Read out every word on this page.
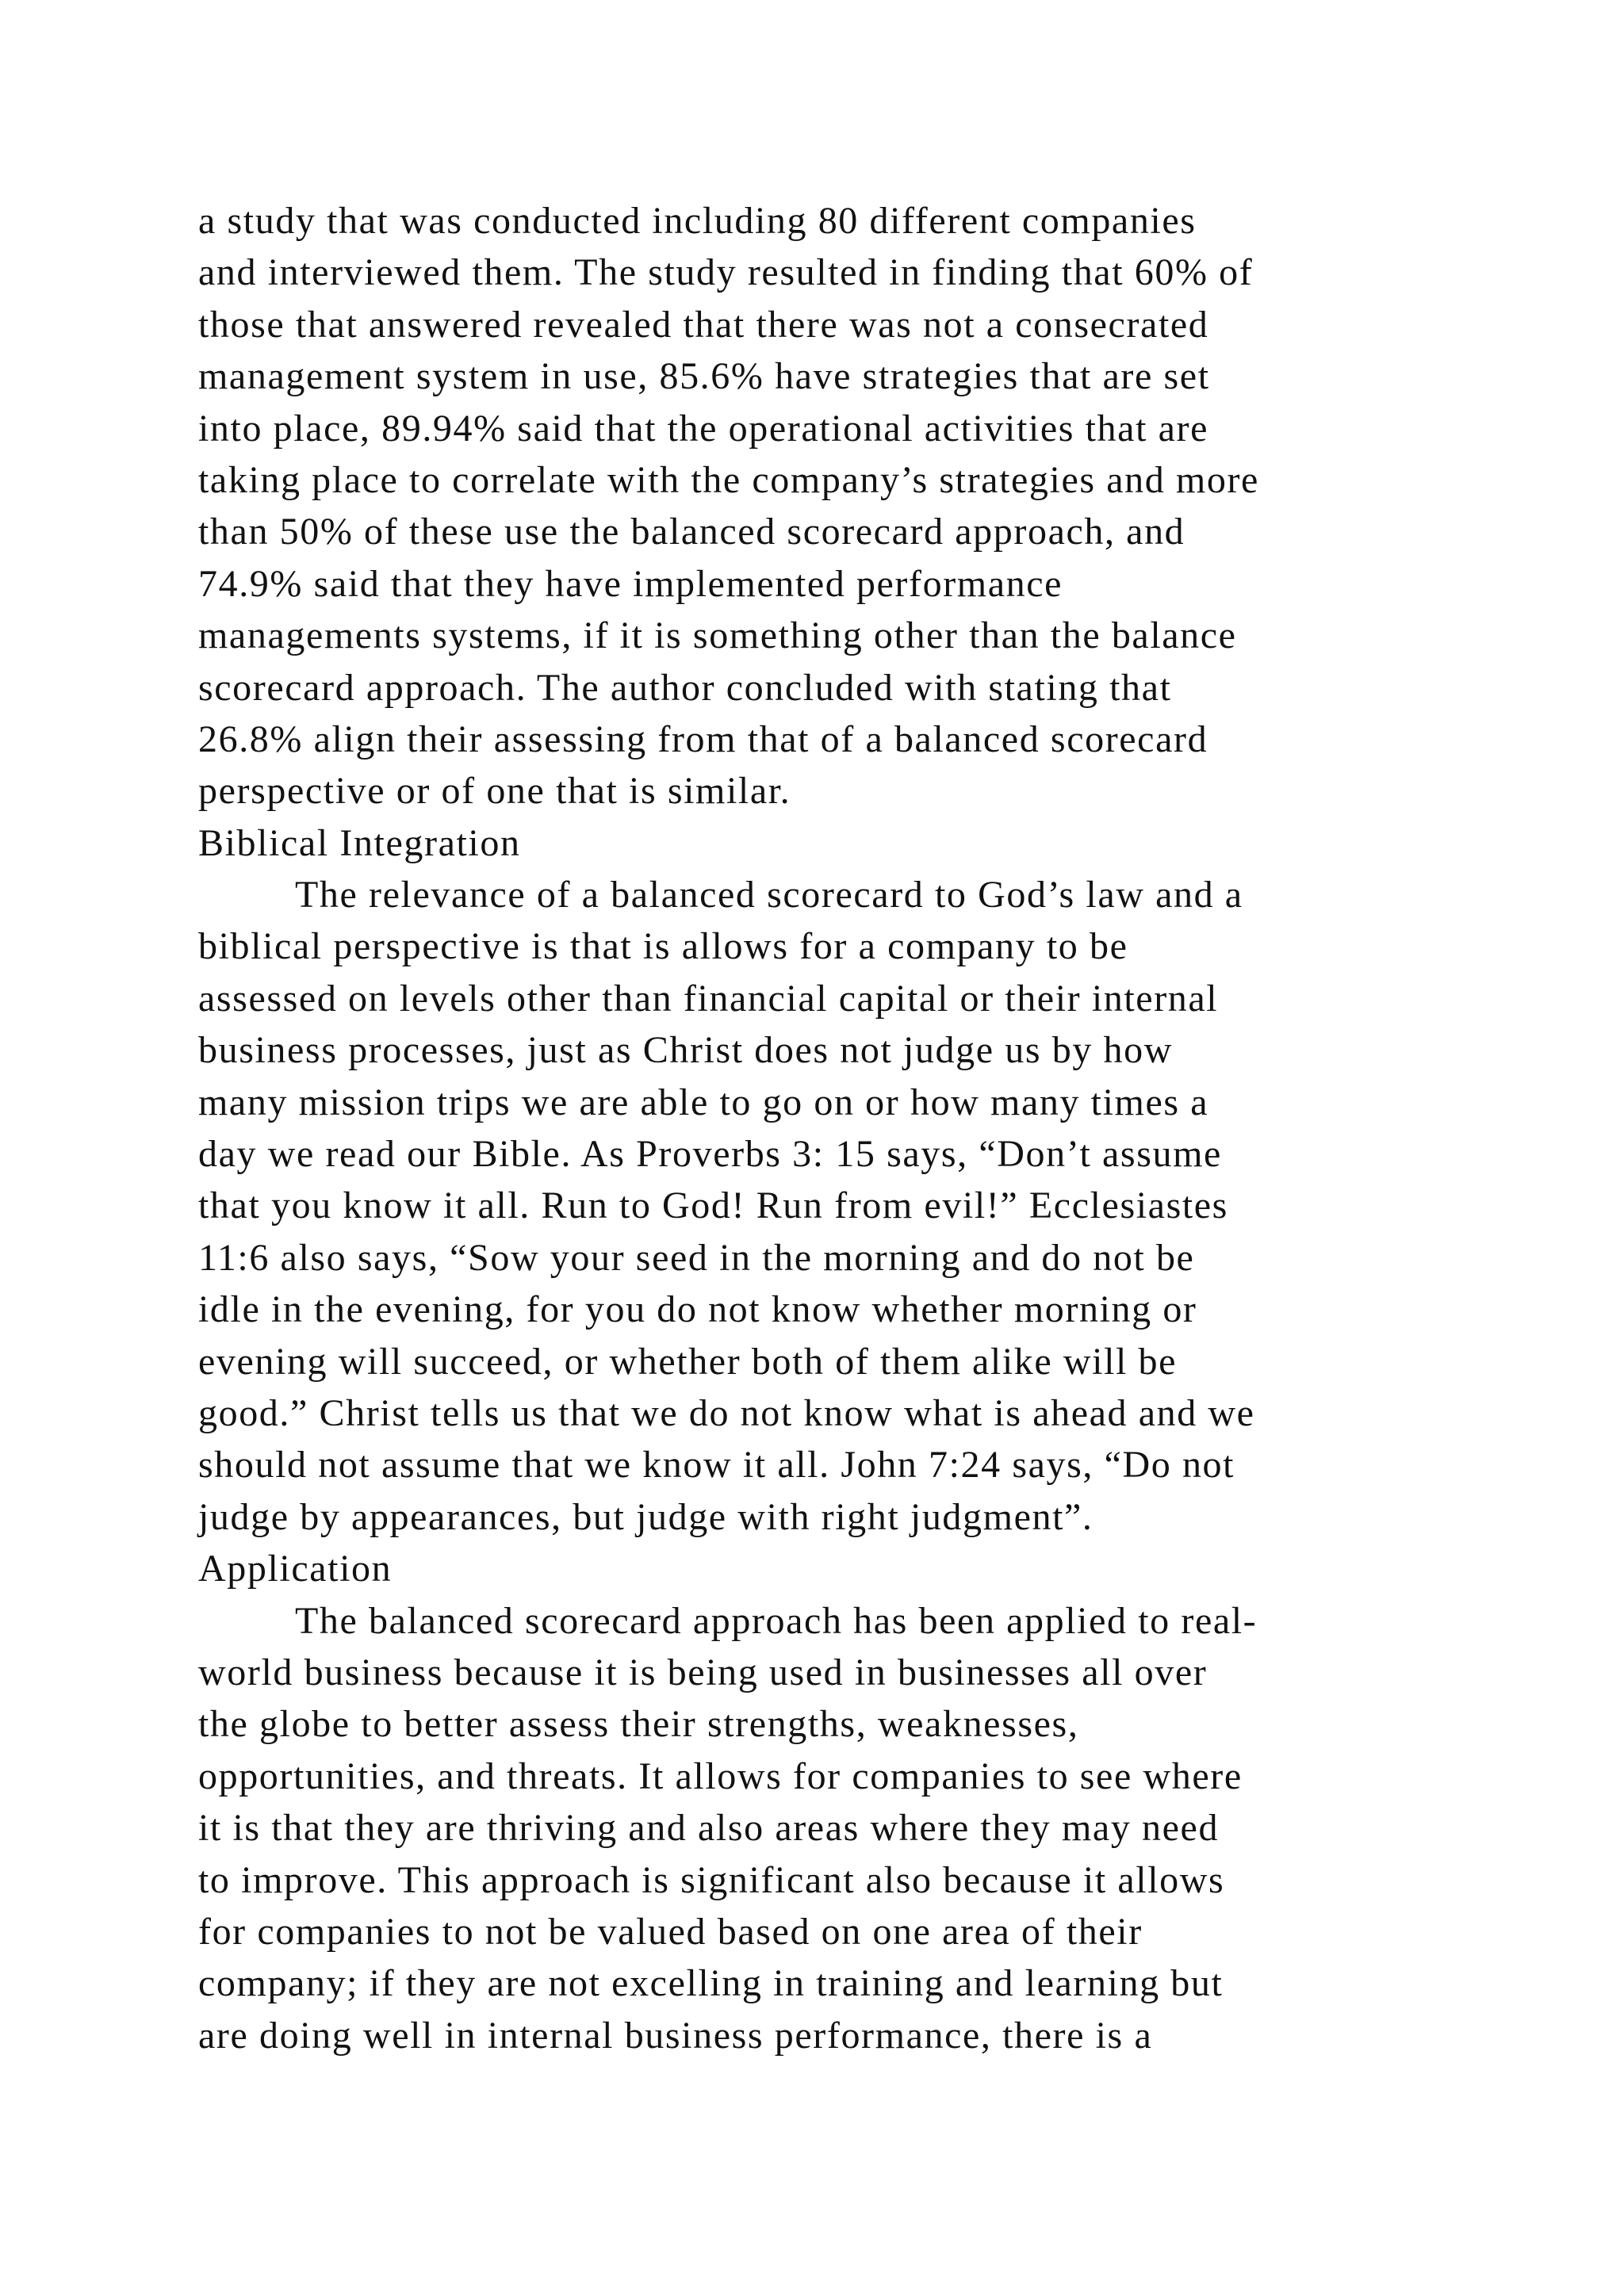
a study that was conducted including 80 different companies
and interviewed them. The study resulted in finding that 60% of
those that answered revealed that there was not a consecrated
management system in use, 85.6% have strategies that are set
into place, 89.94% said that the operational activities that are
taking place to correlate with the company’s strategies and more
than 50% of these use the balanced scorecard approach, and
74.9% said that they have implemented performance
managements systems, if it is something other than the balance
scorecard approach. The author concluded with stating that
26.8% align their assessing from that of a balanced scorecard
perspective or of one that is similar.
Biblical Integration
The relevance of a balanced scorecard to God’s law and a
biblical perspective is that is allows for a company to be
assessed on levels other than financial capital or their internal
business processes, just as Christ does not judge us by how
many mission trips we are able to go on or how many times a
day we read our Bible. As Proverbs 3: 15 says, “Don’t assume
that you know it all. Run to God! Run from evil!” Ecclesiastes
11:6 also says, “Sow your seed in the morning and do not be
idle in the evening, for you do not know whether morning or
evening will succeed, or whether both of them alike will be
good.” Christ tells us that we do not know what is ahead and we
should not assume that we know it all. John 7:24 says, “Do not
judge by appearances, but judge with right judgment”.
Application
The balanced scorecard approach has been applied to real-
world business because it is being used in businesses all over
the globe to better assess their strengths, weaknesses,
opportunities, and threats. It allows for companies to see where
it is that they are thriving and also areas where they may need
to improve. This approach is significant also because it allows
for companies to not be valued based on one area of their
company; if they are not excelling in training and learning but
are doing well in internal business performance, there is a
